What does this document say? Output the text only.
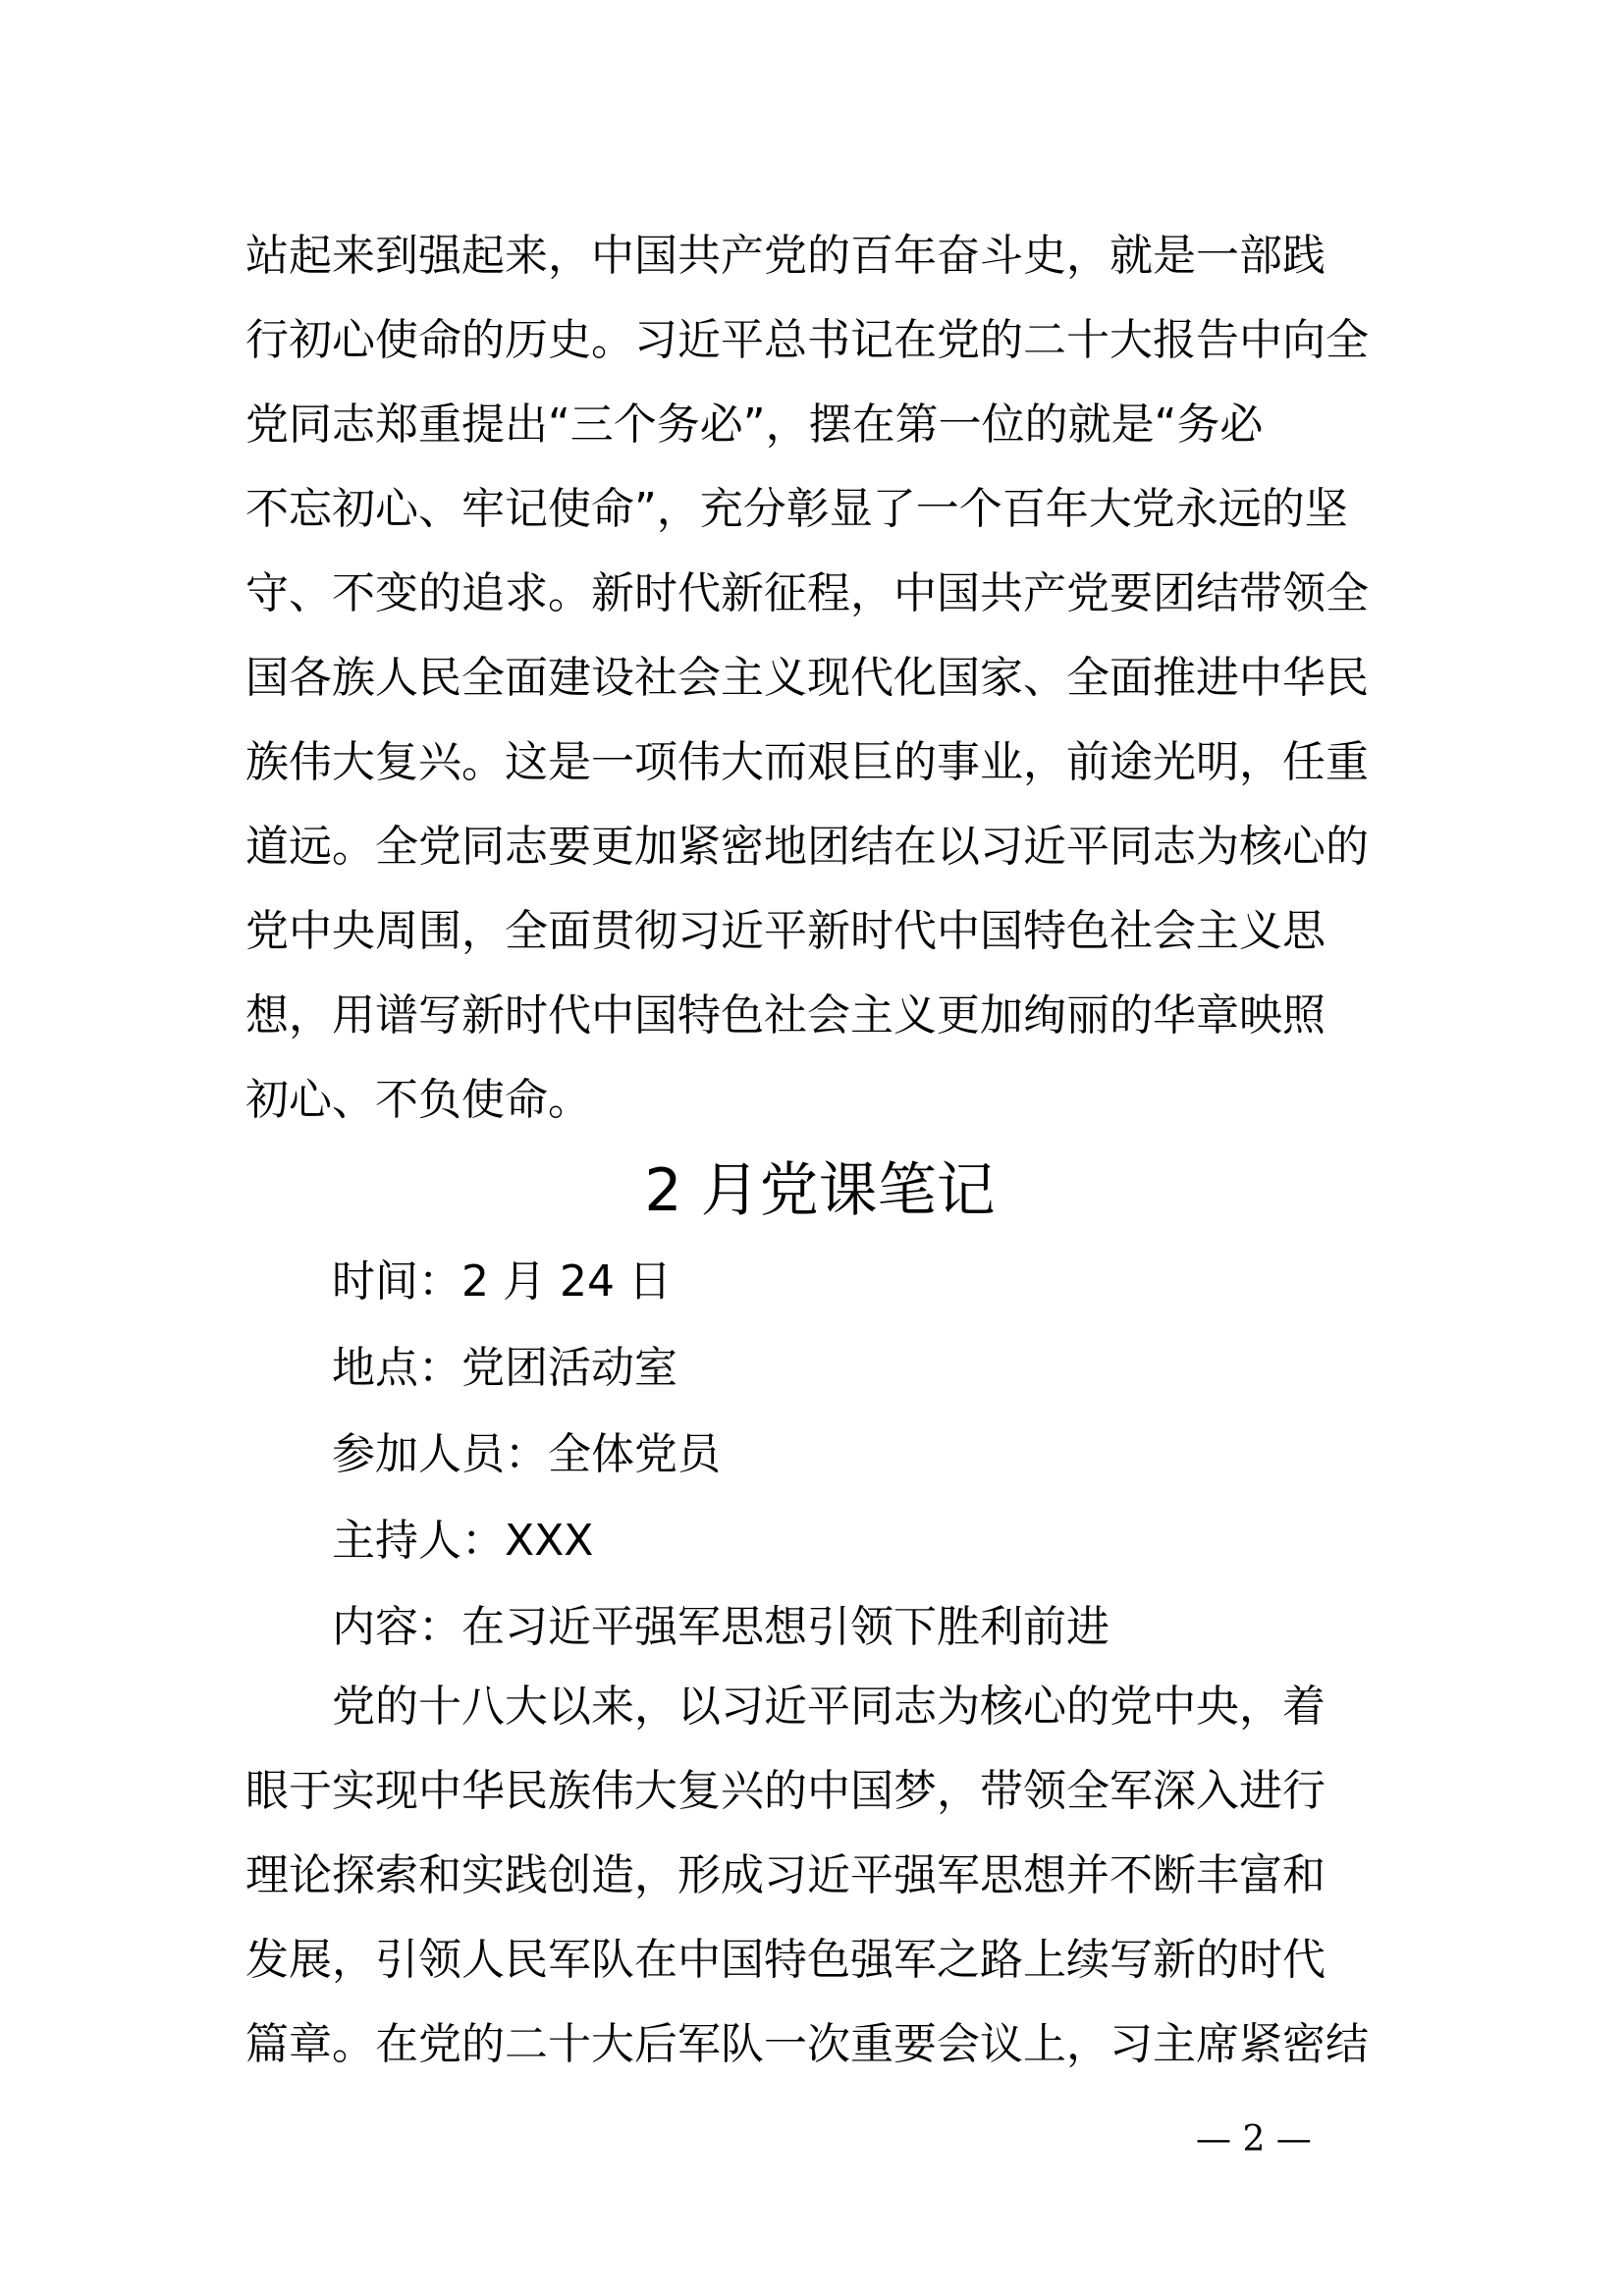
站起来到强起来，中国共产党的百年奋斗史，就是一部践
行初心使命的历史。习近平总书记在党的二十大报告中向全
党同志郑重提出“三个务必”，摆在第一位的就是“务必
不忘初心、牢记使命”，充分彰显了一个百年大党永远的坚
守、不变的追求。新时代新征程，中国共产党要团结带领全
国各族人民全面建设社会主义现代化国家、全面推进中华民
族伟大复兴。这是一项伟大而艰巨的事业，前途光明，任重
道远。全党同志要更加紧密地团结在以习近平同志为核心的
党中央周围，全面贯彻习近平新时代中国特色社会主义思
想，用谱写新时代中国特色社会主义更加绚丽的华章映照
初心、不负使命。
2 月党课笔记
时间：2 月 24 日
地点：党团活动室
参加人员：全体党员
主持人：XXX
内容：在习近平强军思想引领下胜利前进
党的十八大以来，以习近平同志为核心的党中央，着
眼于实现中华民族伟大复兴的中国梦，带领全军深入进行
理论探索和实践创造，形成习近平强军思想并不断丰富和
发展，引领人民军队在中国特色强军之路上续写新的时代
篇章。在党的二十大后军队一次重要会议上，习主席紧密结
— 2 —
